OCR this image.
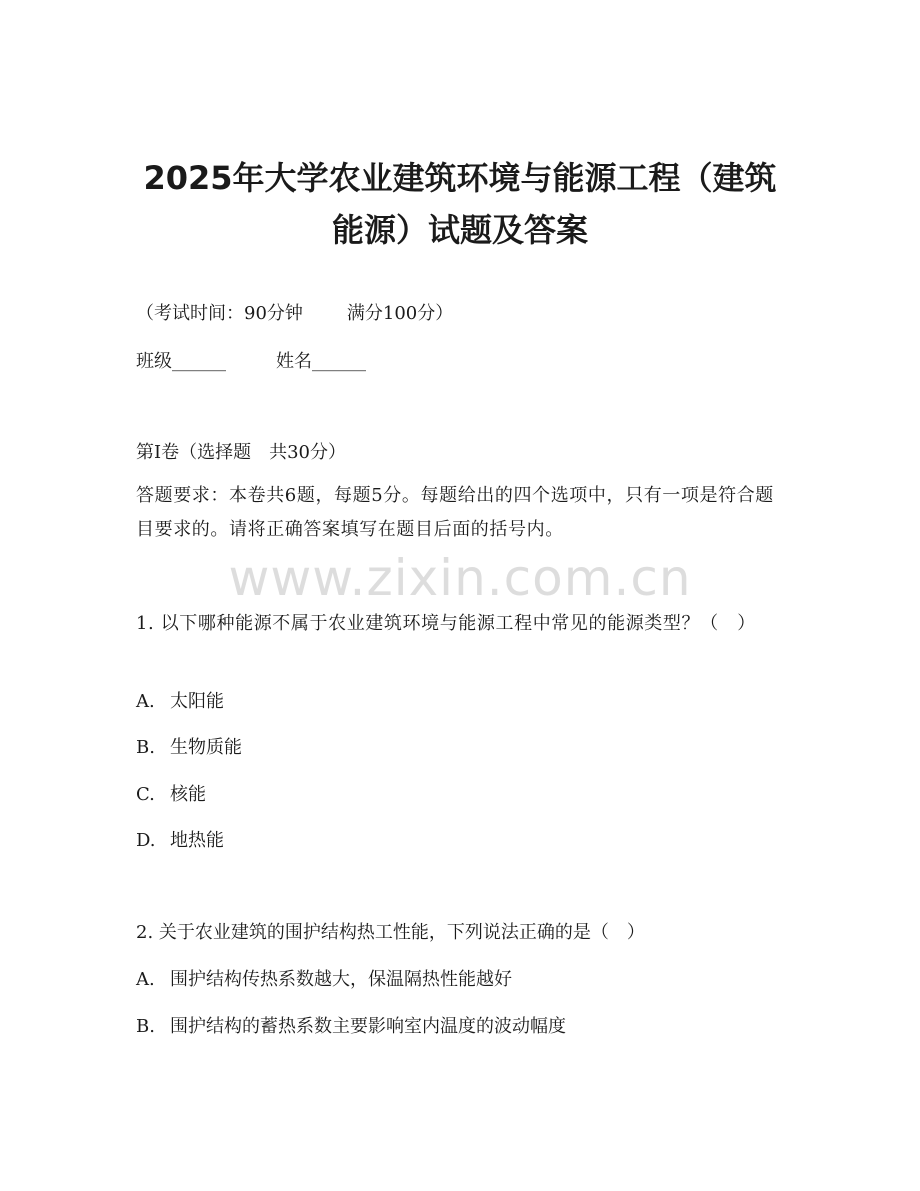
2025年大学农业建筑环境与能源工程（建筑
能源）试题及答案
（考试时间：90分钟 满分100分）
班级______	姓名______
第I卷（选择题　共30分）
答题要求：本卷共6题，每题5分。每题给出的四个选项中，只有一项是符合题目要求的。请将正确答案填写在题目后面的括号内。
www.zixin.com.cn
1. 以下哪种能源不属于农业建筑环境与能源工程中常见的能源类型？（　）
A. 太阳能
B. 生物质能
C. 核能
D. 地热能
2. 关于农业建筑的围护结构热工性能，下列说法正确的是（　）
A. 围护结构传热系数越大，保温隔热性能越好
B. 围护结构的蓄热系数主要影响室内温度的波动幅度
